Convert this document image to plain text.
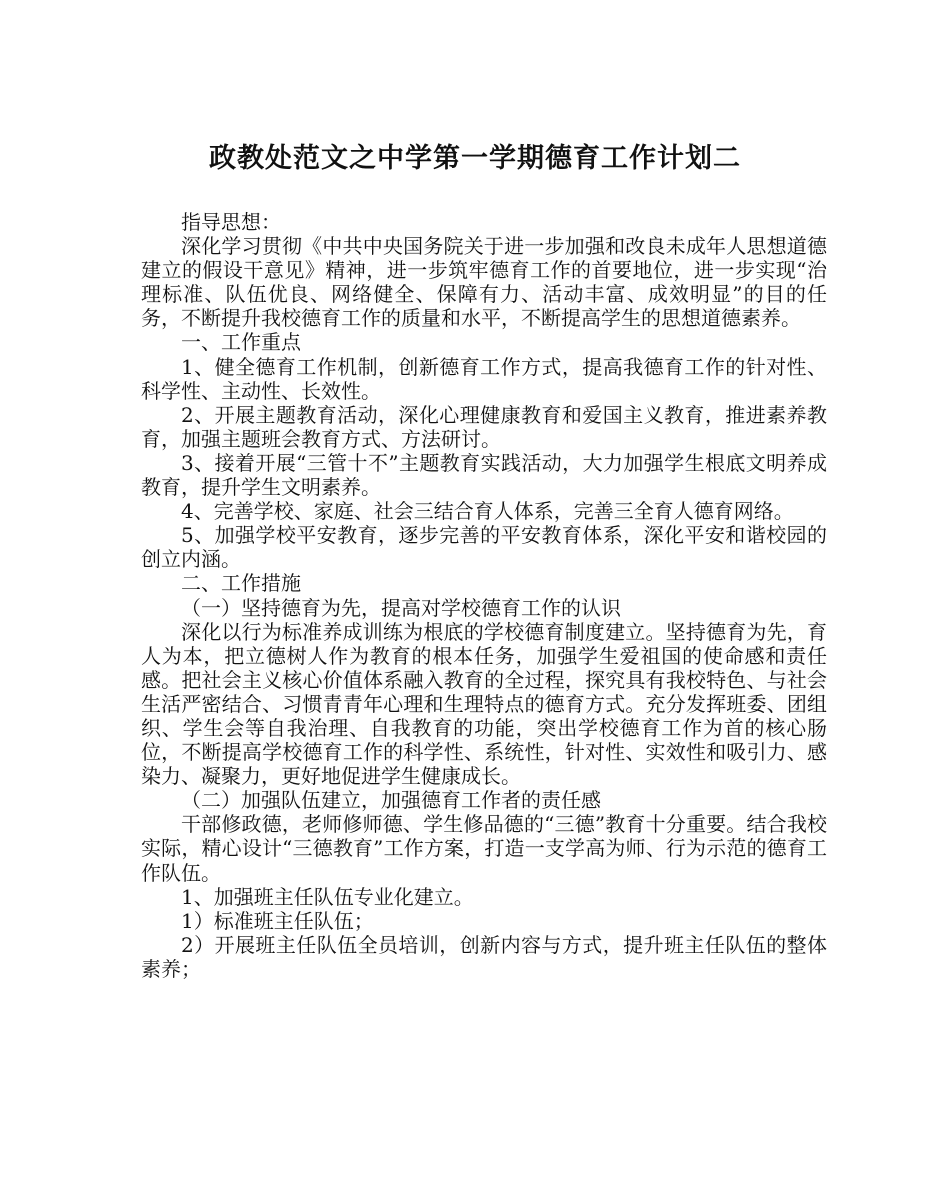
政教处范文之中学第一学期德育工作计划二

指导思想：

深化学习贯彻《中共中央国务院关于进一步加强和改良未成年人思想道德建立的假设干意见》精神，进一步筑牢德育工作的首要地位，进一步实现“治理标准、队伍优良、网络健全、保障有力、活动丰富、成效明显”的目的任务，不断提升我校德育工作的质量和水平，不断提高学生的思想道德素养。

一、工作重点

1、健全德育工作机制，创新德育工作方式，提高我德育工作的针对性、科学性、主动性、长效性。

2、开展主题教育活动，深化心理健康教育和爱国主义教育，推进素养教育，加强主题班会教育方式、方法研讨。

3、接着开展“三管十不”主题教育实践活动，大力加强学生根底文明养成教育，提升学生文明素养。

4、完善学校、家庭、社会三结合育人体系，完善三全育人德育网络。

5、加强学校平安教育，逐步完善的平安教育体系，深化平安和谐校园的创立内涵。

二、工作措施

（一）坚持德育为先，提高对学校德育工作的认识

深化以行为标准养成训练为根底的学校德育制度建立。坚持德育为先，育人为本，把立德树人作为教育的根本任务，加强学生爱祖国的使命感和责任感。把社会主义核心价值体系融入教育的全过程，探究具有我校特色、与社会生活严密结合、习惯青青年心理和生理特点的德育方式。充分发挥班委、团组织、学生会等自我治理、自我教育的功能，突出学校德育工作为首的核心肠位，不断提高学校德育工作的科学性、系统性，针对性、实效性和吸引力、感染力、凝聚力，更好地促进学生健康成长。

（二）加强队伍建立，加强德育工作者的责任感

干部修政德，老师修师德、学生修品德的“三德”教育十分重要。结合我校实际，精心设计“三德教育”工作方案，打造一支学高为师、行为示范的德育工作队伍。

1、加强班主任队伍专业化建立。

1）标准班主任队伍；

2）开展班主任队伍全员培训，创新内容与方式，提升班主任队伍的整体素养；
